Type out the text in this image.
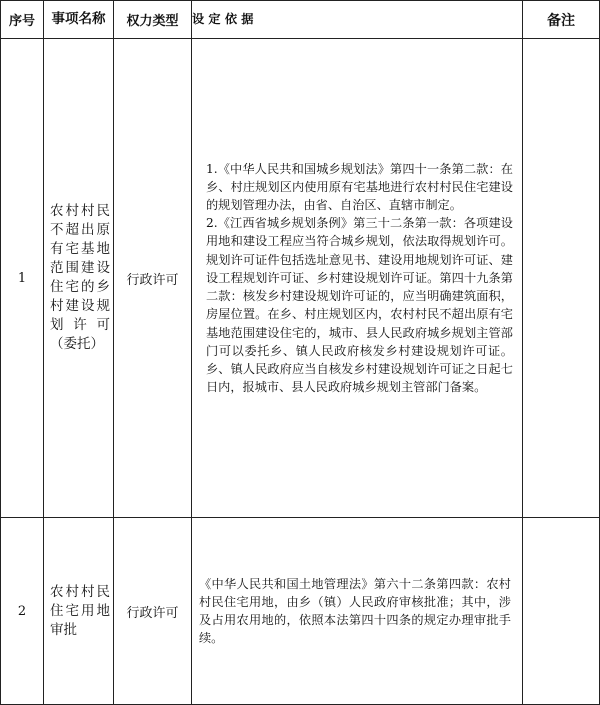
序号	事项名称	权力类型	设 定 依 据	备注
1	农村村民不超出原有宅基地范围建设住宅的乡村建设规划许可（委托）	行政许可	1.《中华人民共和国城乡规划法》第四十一条第二款：在乡、村庄规划区内使用原有宅基地进行农村村民住宅建设的规划管理办法，由省、自治区、直辖市制定。
2.《江西省城乡规划条例》第三十二条第一款：各项建设用地和建设工程应当符合城乡规划，依法取得规划许可。规划许可证件包括选址意见书、建设用地规划许可证、建设工程规划许可证、乡村建设规划许可证。第四十九条第二款：核发乡村建设规划许可证的，应当明确建筑面积，房屋位置。在乡、村庄规划区内，农村村民不超出原有宅基地范围建设住宅的，城市、县人民政府城乡规划主管部门可以委托乡、镇人民政府核发乡村建设规划许可证。乡、镇人民政府应当自核发乡村建设规划许可证之日起七日内，报城市、县人民政府城乡规划主管部门备案。	
2	农村村民住宅用地审批	行政许可	《中华人民共和国土地管理法》第六十二条第四款：农村村民住宅用地，由乡（镇）人民政府审核批准；其中，涉及占用农用地的，依照本法第四十四条的规定办理审批手续。	
